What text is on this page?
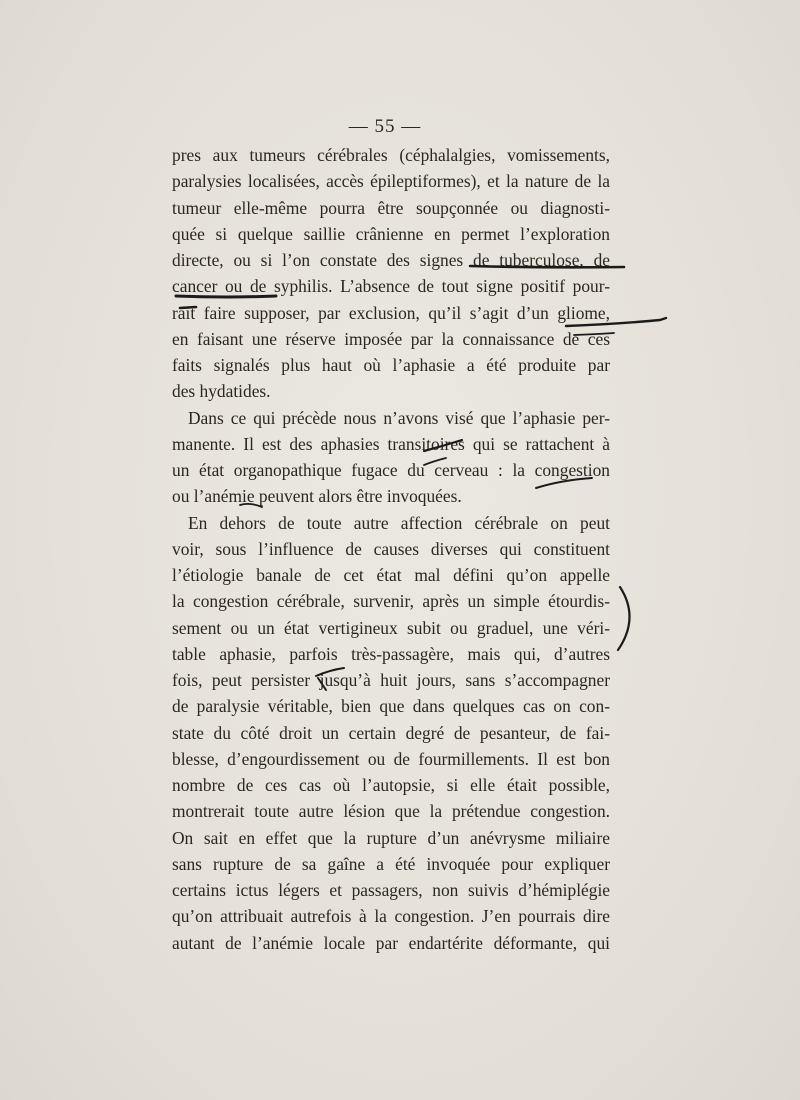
— 55 —
pres aux tumeurs cérébrales (céphalalgies, vomissements,
paralysies localisées, accès épileptiformes), et la nature de la
tumeur elle-même pourra être soupçonnée ou diagnosti-
quée si quelque saillie crânienne en permet l’exploration
directe, ou si l’on constate des signes de tuberculose, de
cancer ou de syphilis. L’absence de tout signe positif pour-
rait faire supposer, par exclusion, qu’il s’agit d’un gliome,
en faisant une réserve imposée par la connaissance de ces
faits signalés plus haut où l’aphasie a été produite par
des hydatides.
Dans ce qui précède nous n’avons visé que l’aphasie per-
manente. Il est des aphasies transitoires qui se rattachent à
un état organopathique fugace du cerveau : la congestion
ou l’anémie peuvent alors être invoquées.
En dehors de toute autre affection cérébrale on peut
voir, sous l’influence de causes diverses qui constituent
l’étiologie banale de cet état mal défini qu’on appelle
la congestion cérébrale, survenir, après un simple étourdis-
sement ou un état vertigineux subit ou graduel, une véri-
table aphasie, parfois très-passagère, mais qui, d’autres
fois, peut persister jusqu’à huit jours, sans s’accompagner
de paralysie véritable, bien que dans quelques cas on con-
state du côté droit un certain degré de pesanteur, de fai-
blesse, d’engourdissement ou de fourmillements. Il est bon
nombre de ces cas où l’autopsie, si elle était possible,
montrerait toute autre lésion que la prétendue congestion.
On sait en effet que la rupture d’un anévrysme miliaire
sans rupture de sa gaîne a été invoquée pour expliquer
certains ictus légers et passagers, non suivis d’hémiplégie
qu’on attribuait autrefois à la congestion. J’en pourrais dire
autant de l’anémie locale par endartérite déformante, qui
